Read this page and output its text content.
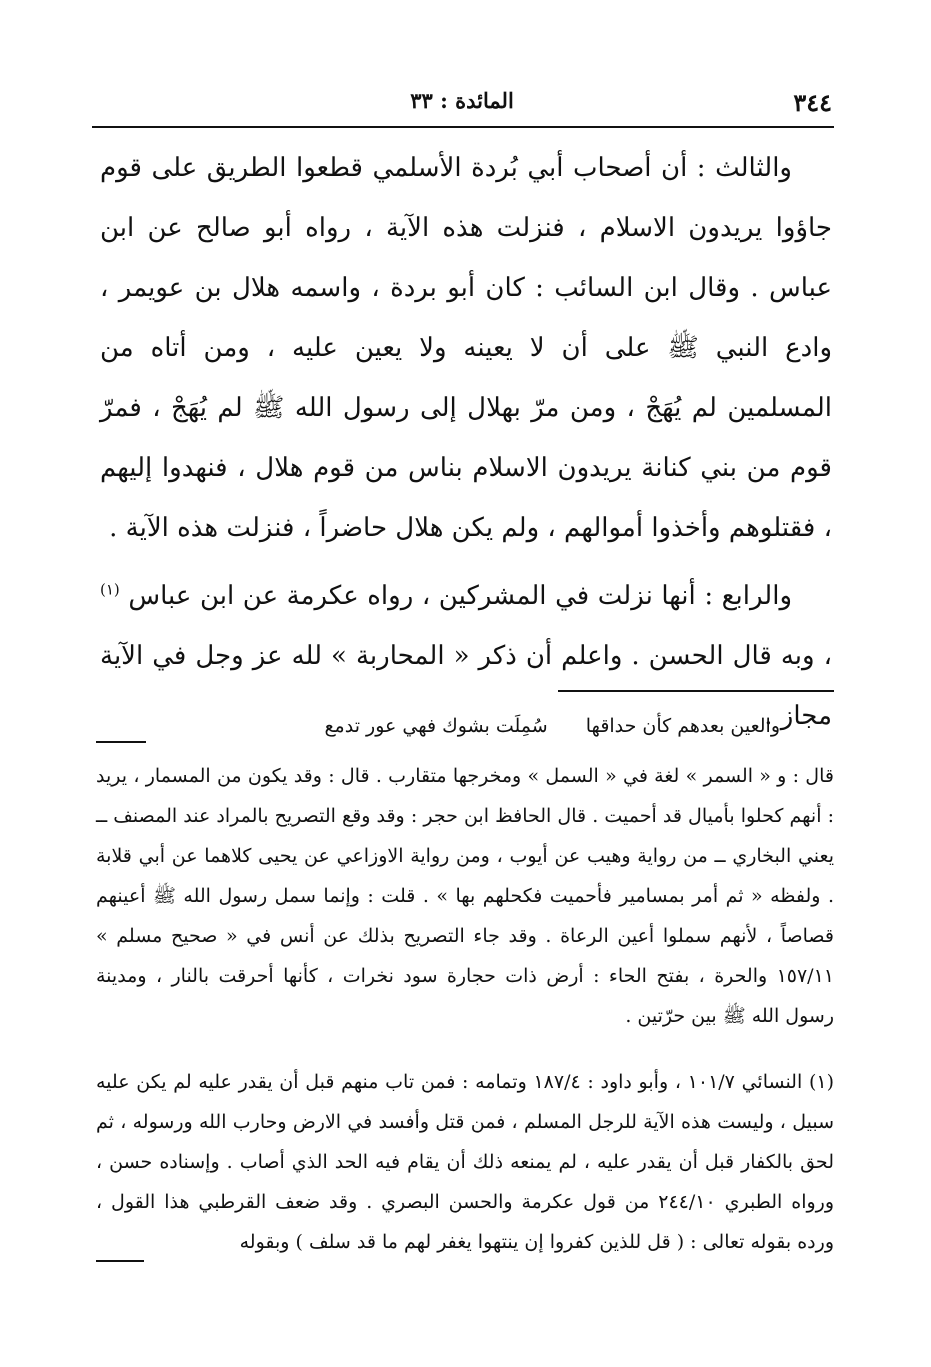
٣٤٤
المائدة : ٣٣

والثالث : أن أصحاب أبي بُردة الأسلمي قطعوا الطريق على قوم جاؤوا يريدون الاسلام ، فنزلت هذه الآية ، رواه أبو صالح عن ابن عباس . وقال ابن السائب : كان أبو بردة ، واسمه هلال بن عويمر ، وادع النبي ﷺ على أن لا يعينه ولا يعين عليه ، ومن أتاه من المسلمين لم يُهَجْ ، ومن مرّ بهلال إلى رسول الله ﷺ لم يُهَجْ ، فمرّ قوم من بني كنانة يريدون الاسلام بناس من قوم هلال ، فنهدوا إليهم ، فقتلوهم وأخذوا أموالهم ، ولم يكن هلال حاضراً ، فنزلت هذه الآية .

والرابع : أنها نزلت في المشركين ، رواه عكرمة عن ابن عباس $^{(١)}$ ، وبه قال الحسن . واعلم أن ذكر « المحاربة » لله عز وجل في الآية مجاز .

والعين بعدهم كأن حداقها سُمِلَت بشوك فهي عور تدمع
قال : و « السمر » لغة في « السمل » ومخرجها متقارب . قال : وقد يكون من المسمار ، يريد : أنهم كحلوا بأميال قد أحميت . قال الحافظ ابن حجر : وقد وقع التصريح بالمراد عند المصنف ــ يعني البخاري ــ من رواية وهيب عن أيوب ، ومن رواية الاوزاعي عن يحيى كلاهما عن أبي قلابة . ولفظه « ثم أمر بمسامير فأحميت فكحلهم بها » . قلت : وإنما سمل رسول الله ﷺ أعينهم قصاصاً ، لأنهم سملوا أعين الرعاة . وقد جاء التصريح بذلك عن أنس في « صحيح مسلم » ١٥٧/١١ والحرة ، بفتح الحاء : أرض ذات حجارة سود نخرات ، كأنها أحرقت بالنار ، ومدينة رسول الله ﷺ بين حرّتين .
(١) النسائي ١٠١/٧ ، وأبو داود : ١٨٧/٤ وتمامه : فمن تاب منهم قبل أن يقدر عليه لم يكن عليه سبيل ، وليست هذه الآية للرجل المسلم ، فمن قتل وأفسد في الارض وحارب الله ورسوله ، ثم لحق بالكفار قبل أن يقدر عليه ، لم يمنعه ذلك أن يقام فيه الحد الذي أصاب . وإسناده حسن ، ورواه الطبري ٢٤٤/١٠ من قول عكرمة والحسن البصري . وقد ضعف القرطبي هذا القول ، ورده بقوله تعالى : ( قل للذين كفروا إن ينتهوا يغفر لهم ما قد سلف ) وبقوله
